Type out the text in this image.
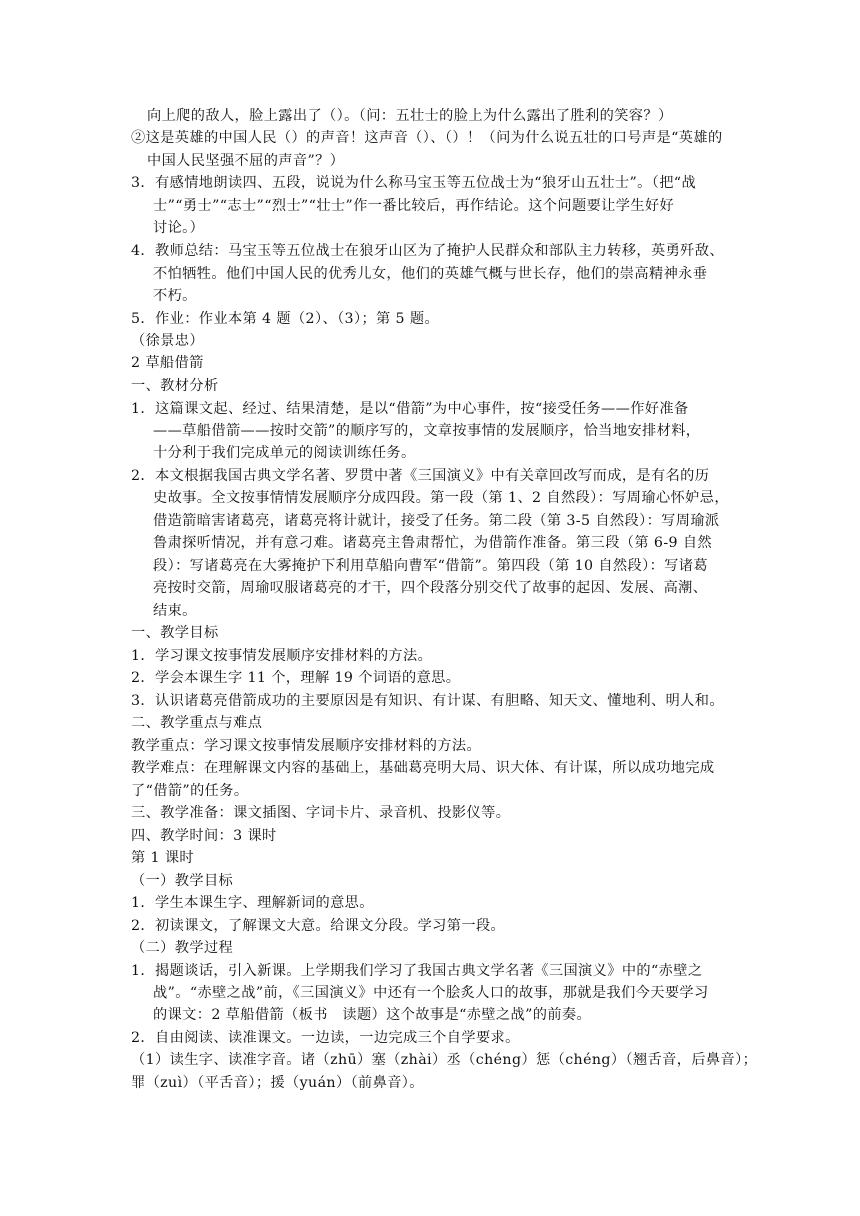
向上爬的敌人，脸上露出了（）。（问：五壮士的脸上为什么露出了胜利的笑容？）
②这是英雄的中国人民（）的声音！这声音（）、（）！（问为什么说五壮的口号声是“英雄的
中国人民坚强不屈的声音”？）
3．有感情地朗读四、五段，说说为什么称马宝玉等五位战士为“狼牙山五壮士”。（把“战
士”“勇士”“志士”“烈士”“壮士”作一番比较后，再作结论。这个问题要让学生好好
讨论。）
4．教师总结：马宝玉等五位战士在狼牙山区为了掩护人民群众和部队主力转移，英勇歼敌、
不怕牺牲。他们中国人民的优秀儿女，他们的英雄气概与世长存，他们的崇高精神永垂
不朽。
5．作业：作业本第 4 题（2）、（3）；第 5 题。
（徐景忠）
2 草船借箭
一、教材分析
1．这篇课文起、经过、结果清楚，是以“借箭”为中心事件，按“接受任务——作好准备
——草船借箭——按时交箭”的顺序写的，文章按事情的发展顺序，恰当地安排材料，
十分利于我们完成单元的阅读训练任务。
2．本文根据我国古典文学名著、罗贯中著《三国演义》中有关章回改写而成，是有名的历
史故事。全文按事情情发展顺序分成四段。第一段（第 1、2 自然段）：写周瑜心怀妒忌，
借造箭暗害诸葛亮，诸葛亮将计就计，接受了任务。第二段（第 3-5 自然段）：写周瑜派
鲁肃探听情况，并有意刁难。诸葛亮主鲁肃帮忙，为借箭作准备。第三段（第 6-9 自然
段）：写诸葛亮在大雾掩护下利用草船向曹军“借箭”。第四段（第 10 自然段）：写诸葛
亮按时交箭，周瑜叹服诸葛亮的才干，四个段落分别交代了故事的起因、发展、高潮、
结束。
一、教学目标
1．学习课文按事情发展顺序安排材料的方法。
2．学会本课生字 11 个，理解 19 个词语的意思。
3．认识诸葛亮借箭成功的主要原因是有知识、有计谋、有胆略、知天文、懂地利、明人和。
二、教学重点与难点
教学重点：学习课文按事情发展顺序安排材料的方法。
教学难点：在理解课文内容的基础上，基础葛亮明大局、识大体、有计谋，所以成功地完成
了“借箭”的任务。
三、教学准备：课文插图、字词卡片、录音机、投影仪等。
四、教学时间：3 课时
第 1 课时
（一）教学目标
1．学生本课生字、理解新词的意思。
2．初读课文，了解课文大意。给课文分段。学习第一段。
（二）教学过程
1．揭题谈话，引入新课。上学期我们学习了我国古典文学名著《三国演义》中的“赤壁之
战”。“赤壁之战”前，《三国演义》中还有一个脍炙人口的故事，那就是我们今天要学习
的课文：2 草船借箭（板书　读题）这个故事是“赤壁之战”的前奏。
2．自由阅读、读准课文。一边读，一边完成三个自学要求。
（1）读生字、读准字音。诸（zhū）塞（zhài）丞（chéng）惩（chéng）（翘舌音，后鼻音）；
罪（zuì）（平舌音）；援（yuán）（前鼻音）。
